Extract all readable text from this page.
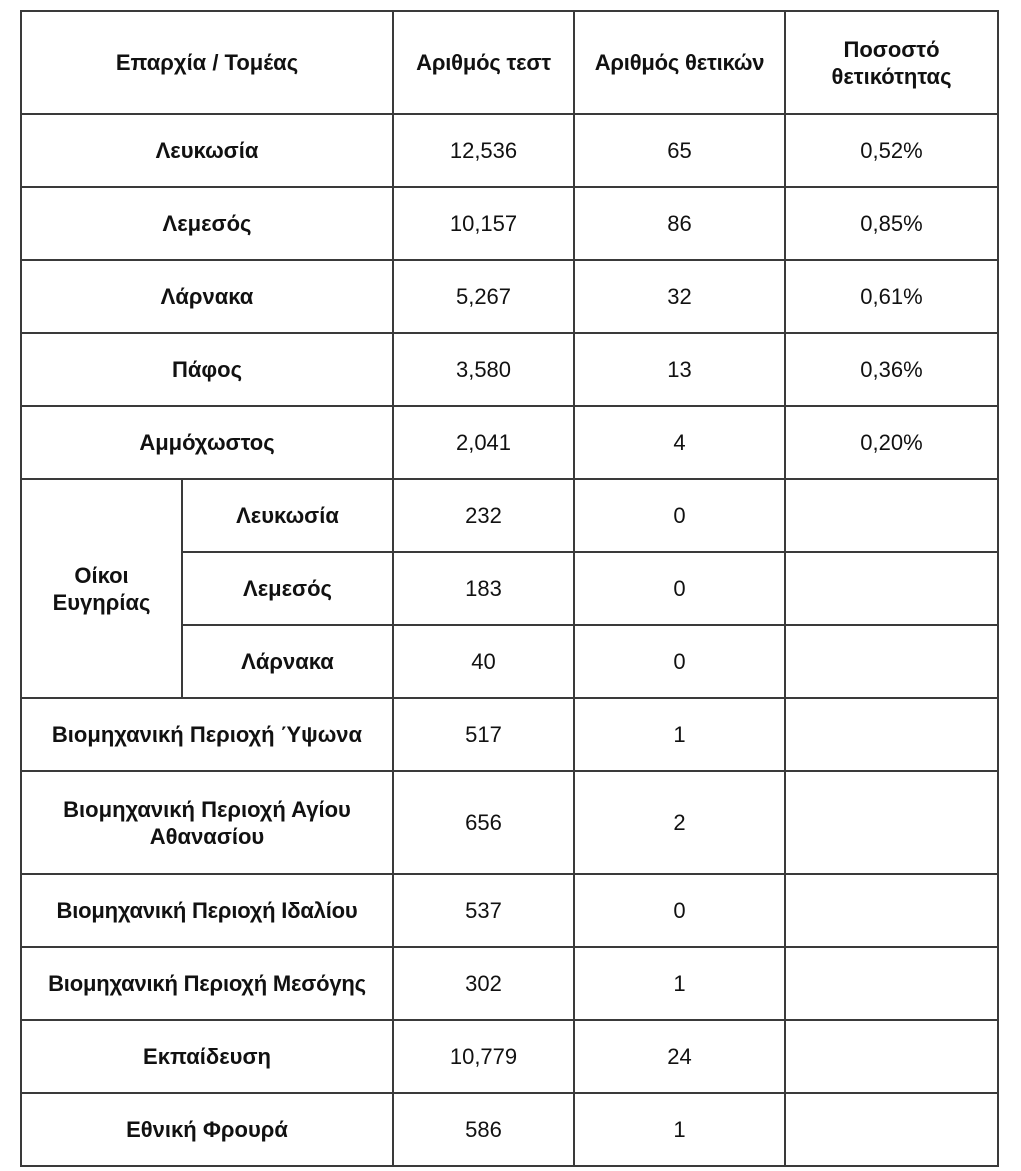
Επαρχία / Τομέας		Αριθμός τεστ	Αριθμός θετικών	Ποσοστό θετικότητας
Λευκωσία		12,536	65	0,52%
Λεμεσός		10,157	86	0,85%
Λάρνακα		5,267	32	0,61%
Πάφος		3,580	13	0,36%
Αμμόχωστος		2,041	4	0,20%
Οίκοι Ευγηρίας	Λευκωσία	232	0	
	Λεμεσός	183	0	
	Λάρνακα	40	0	
Βιομηχανική Περιοχή Ύψωνα		517	1	
Βιομηχανική Περιοχή Αγίου Αθανασίου		656	2	
Βιομηχανική Περιοχή Ιδαλίου		537	0	
Βιομηχανική Περιοχή Μεσόγης		302	1	
Εκπαίδευση		10,779	24	
Εθνική Φρουρά		586	1	
